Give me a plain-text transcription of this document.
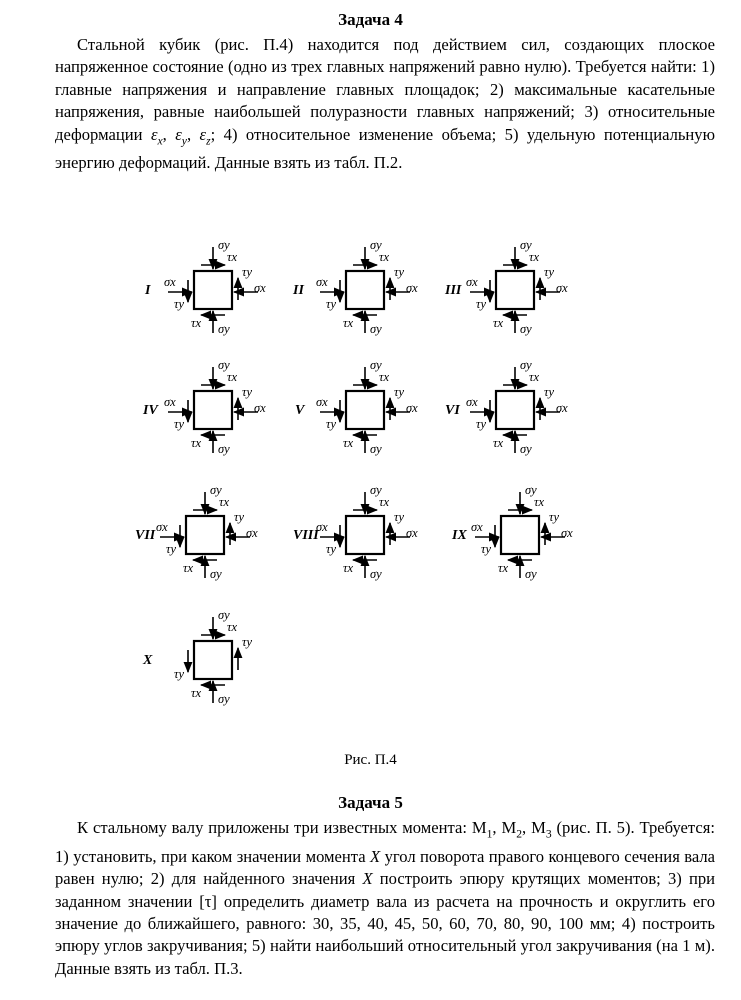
Задача 4

Стальной кубик (рис. П.4) находится под действием сил, создающих плоское напряженное состояние (одно из трех главных напряжений равно нулю). Требуется найти: 1) главные напряжения и направление главных площадок; 2) максимальные касательные напряжения, равные наибольшей полуразности главных напряжений; 3) относительные деформации $\varepsilon_x$, $\varepsilon_y$, $\varepsilon_z$; 4) относительное изменение объема; 5) удельную потенциальную энергию деформаций. Данные взять из табл. П.2.

I
σy
τx
τy
σx
σx
τy
τx σy
II
σy
τx
τy
σx
σx
τy
τx σy
III
σy
τx
τy
σx
σx
τy
τx σy
IV
σy
τx
τy
σx
σx
τy
τx σy
V
σy
τx
τy
σx
σx
τy
τx σy
VI
σy
τx
τy
σx
σx
τy
τx σy
VII
σy
τx
τy
σx
σx
τy
τx σy
VIII
σy
τx
τy
σx
σx
τy
τx σy
IX
σy
τx
τy
σx
σx
τy
τx σy
X
σy
τx
τy
τy
τx σy
Рис. П.4
Задача 5

К стальному валу приложены три известных момента: $M_1$, $M_2$, $M_3$ (рис. П. 5). Требуется: 1) установить, при каком значении момента X угол поворота правого концевого сечения вала равен нулю; 2) для найденного значения X построить эпюру крутящих моментов; 3) при заданном значении [τ] определить диаметр вала из расчета на прочность и округлить его значение до ближайшего, равного: 30, 35, 40, 45, 50, 60, 70, 80, 90, 100 мм; 4) построить эпюру углов закручивания; 5) найти наибольший относительный угол закручивания (на 1 м). Данные взять из табл. П.3.
